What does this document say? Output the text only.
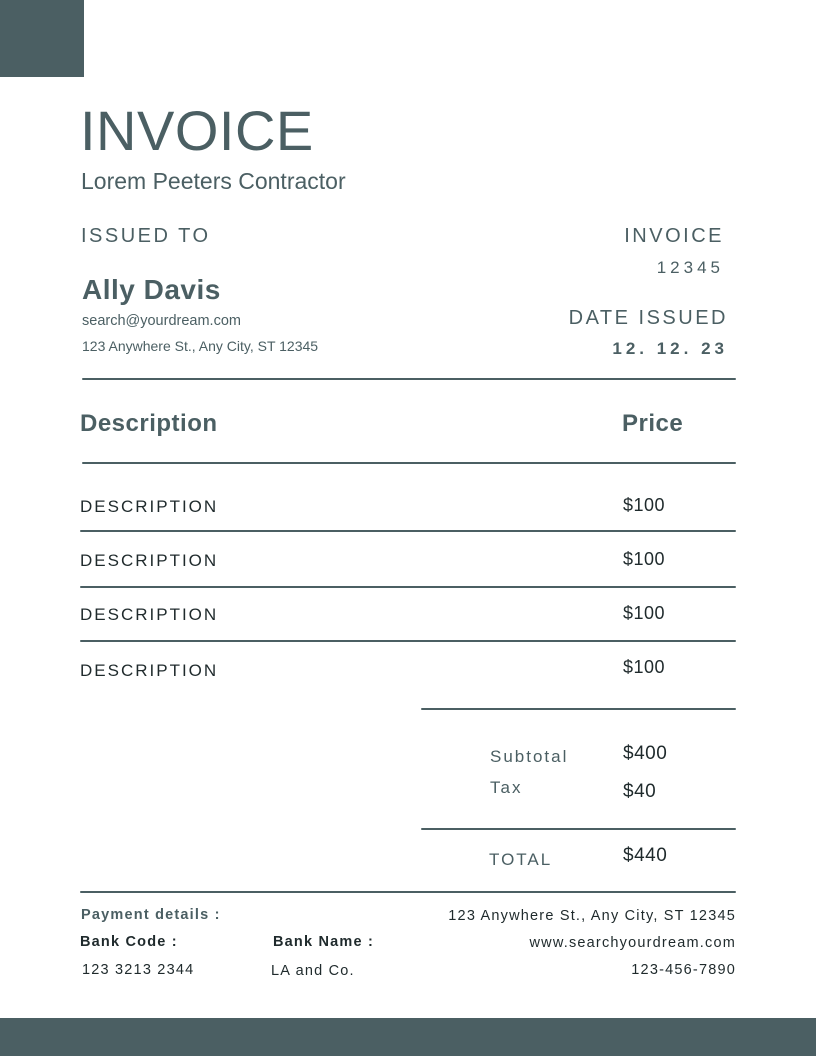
INVOICE
Lorem Peeters Contractor
ISSUED TO
Ally Davis
search@yourdream.com
123 Anywhere St., Any City, ST 12345
INVOICE
12345
DATE ISSUED
12. 12. 23
Description	Price
DESCRIPTION	$100
DESCRIPTION	$100
DESCRIPTION	$100
DESCRIPTION	$100
Subtotal	$400
Tax	$40
TOTAL	$440
Payment details :
Bank Code :
123 3213 2344
Bank Name :
LA and Co.
123 Anywhere St., Any City, ST 12345
www.searchyourdream.com
123-456-7890
